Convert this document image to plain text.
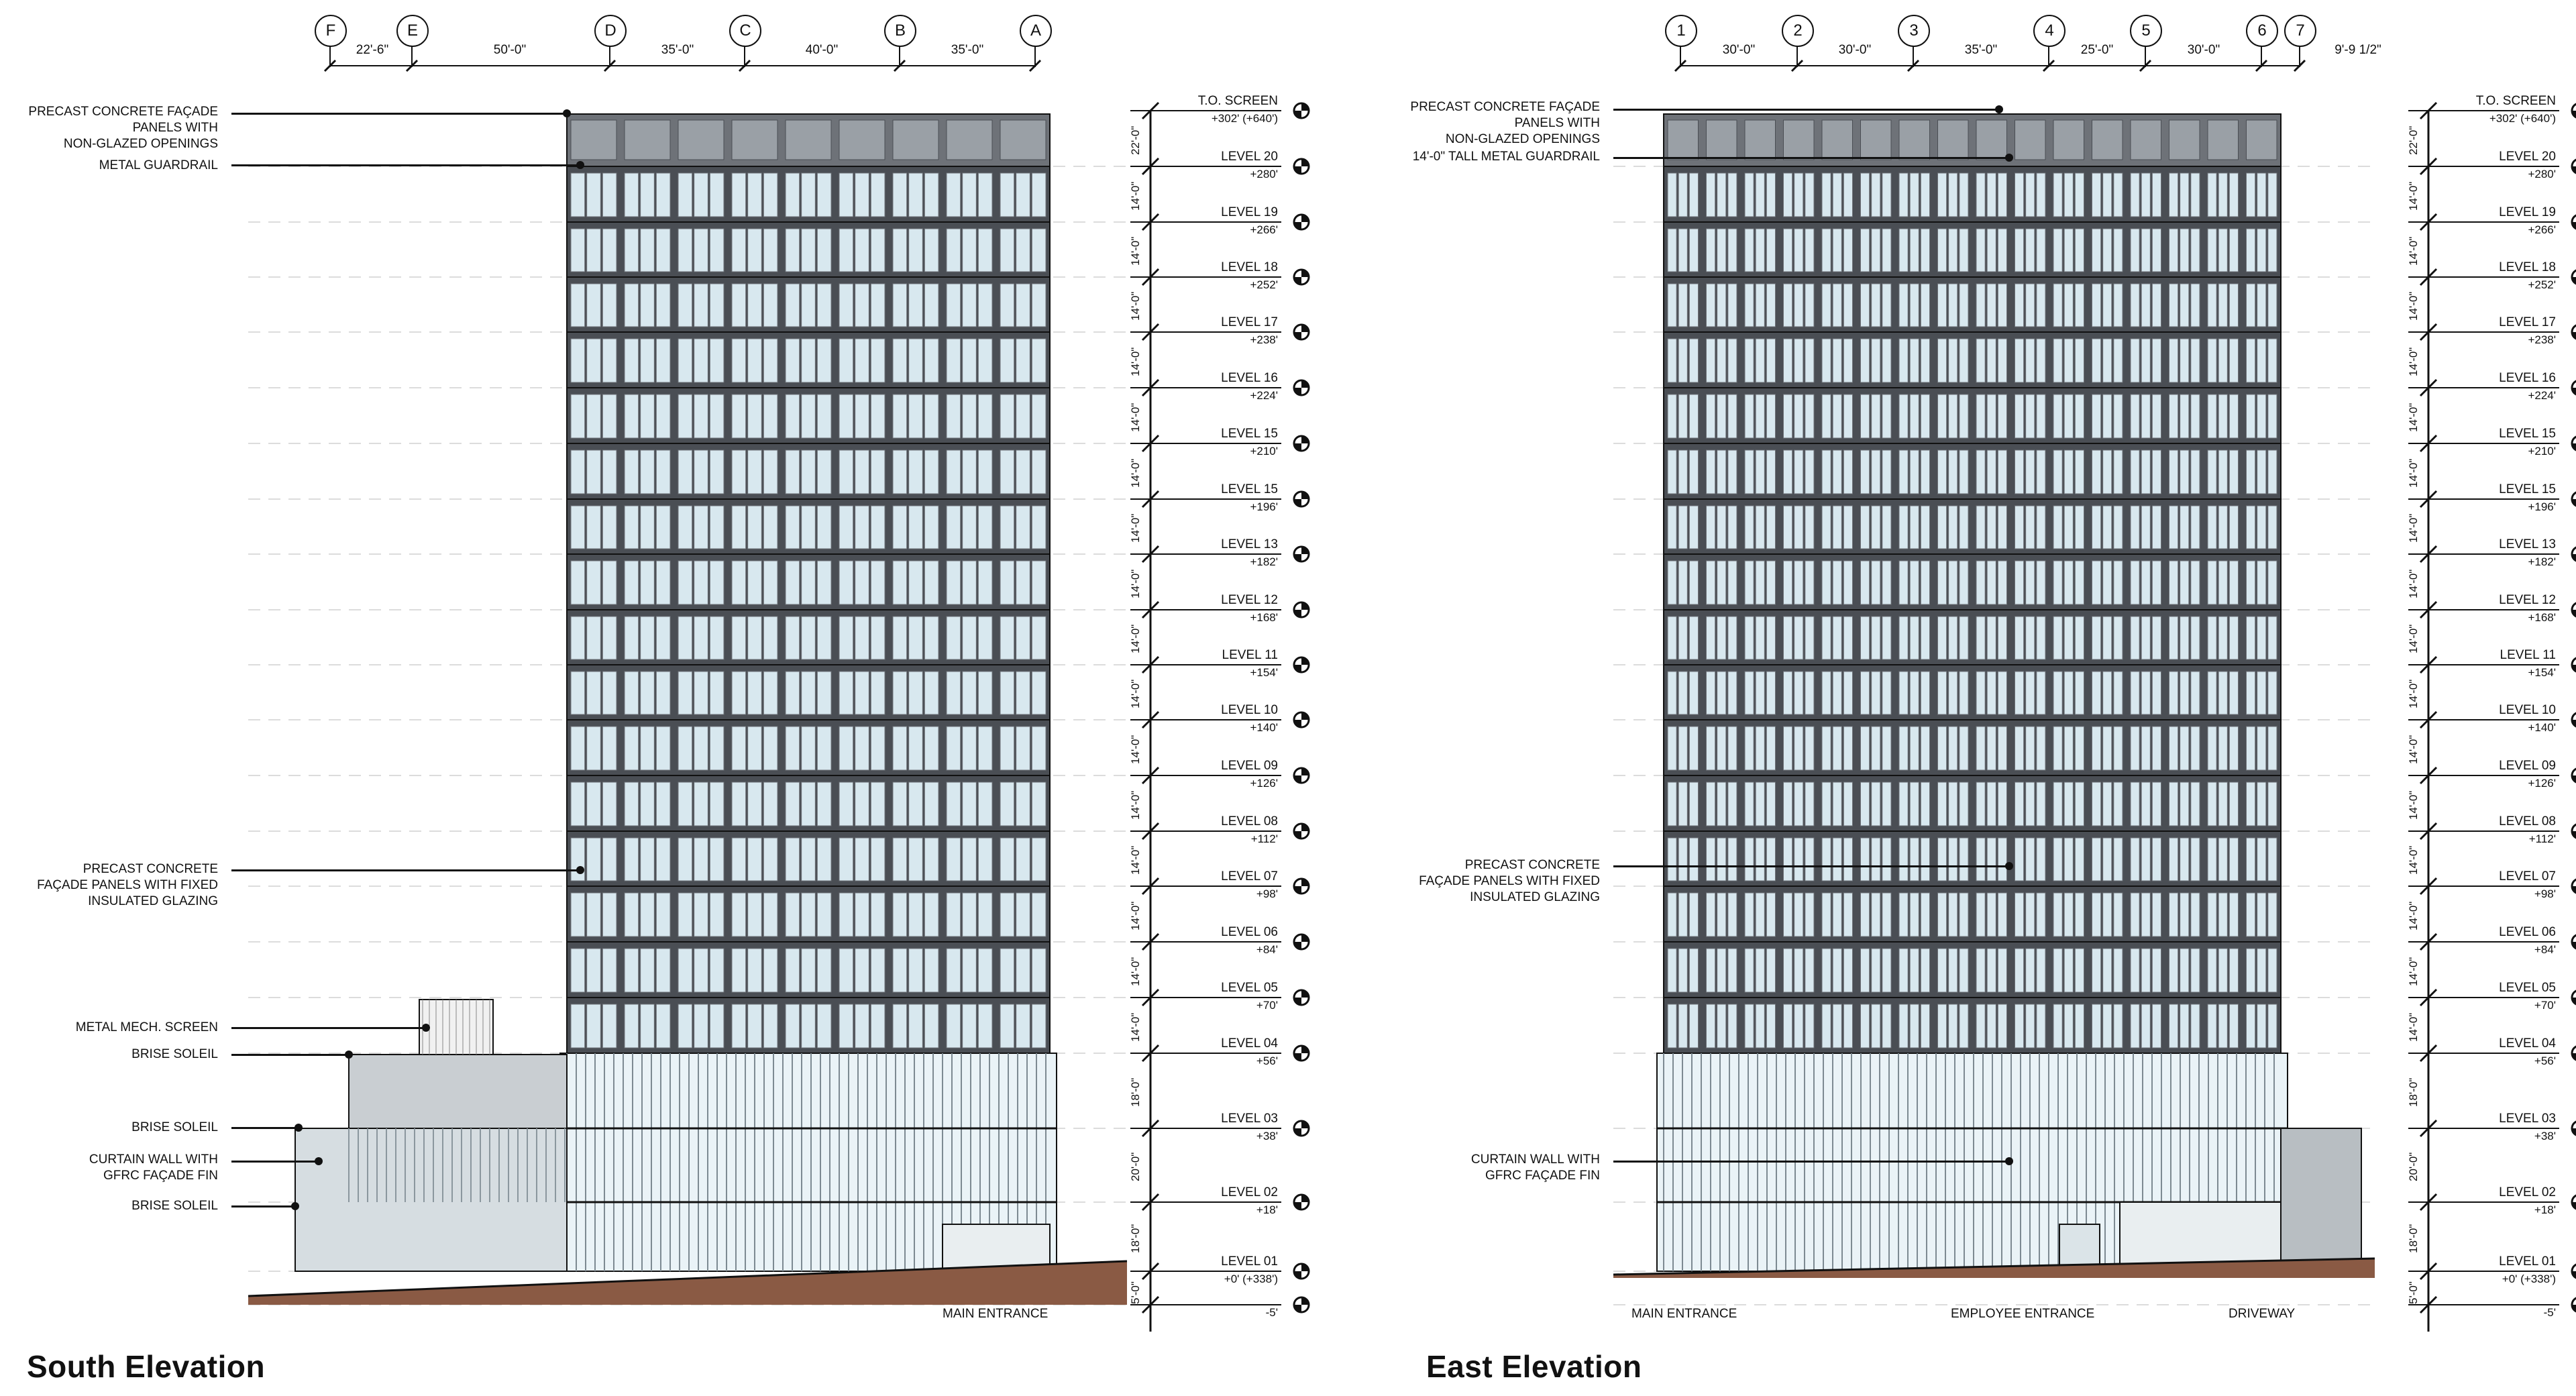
F	E	D	C	B	A
22'-6"	50'-0"	35'-0"	40'-0"	35'-0"
PRECAST CONCRETE FAÇADE
PANELS WITH
NON-GLAZED OPENINGS
METAL GUARDRAIL
PRECAST CONCRETE
FAÇADE PANELS WITH FIXED
INSULATED GLAZING
METAL MECH. SCREEN
BRISE SOLEIL
BRISE SOLEIL
CURTAIN WALL WITH
GFRC FAÇADE FIN
BRISE SOLEIL
MAIN ENTRANCE
South Elevation
T.O. SCREEN
+302' (+640')
LEVEL 20
+280'
LEVEL 19
+266'
LEVEL 18
+252'
LEVEL 17
+238'
LEVEL 16
+224'
LEVEL 15
+210'
LEVEL 15
+196'
LEVEL 13
+182'
LEVEL 12
+168'
LEVEL 11
+154'
LEVEL 10
+140'
LEVEL 09
+126'
LEVEL 08
+112'
LEVEL 07
+98'
LEVEL 06
+84'
LEVEL 05
+70'
LEVEL 04
+56'
LEVEL 03
+38'
LEVEL 02
+18'
LEVEL 01
+0' (+338')
-5'
22'-0"
14'-0"
14'-0"
14'-0"
14'-0"
14'-0"
14'-0"
14'-0"
14'-0"
14'-0"
14'-0"
14'-0"
14'-0"
14'-0"
14'-0"
14'-0"
14'-0"
18'-0"
20'-0"
18'-0"
5'-0"
1	2	3	4	5	6 7
30'-0"	30'-0"	35'-0"	25'-0"	30'-0"	9'-9 1/2"
PRECAST CONCRETE FAÇADE
PANELS WITH
NON-GLAZED OPENINGS
14'-0" TALL METAL GUARDRAIL
PRECAST CONCRETE
FAÇADE PANELS WITH FIXED
INSULATED GLAZING
CURTAIN WALL WITH
GFRC FAÇADE FIN
MAIN ENTRANCE	EMPLOYEE ENTRANCE	DRIVEWAY
East Elevation
T.O. SCREEN
+302' (+640')
LEVEL 20
+280'
LEVEL 19
+266'
LEVEL 18
+252'
LEVEL 17
+238'
LEVEL 16
+224'
LEVEL 15
+210'
LEVEL 15
+196'
LEVEL 13
+182'
LEVEL 12
+168'
LEVEL 11
+154'
LEVEL 10
+140'
LEVEL 09
+126'
LEVEL 08
+112'
LEVEL 07
+98'
LEVEL 06
+84'
LEVEL 05
+70'
LEVEL 04
+56'
LEVEL 03
+38'
LEVEL 02
+18'
LEVEL 01
+0' (+338')
-5'
22'-0"
14'-0"
14'-0"
14'-0"
14'-0"
14'-0"
14'-0"
14'-0"
14'-0"
14'-0"
14'-0"
14'-0"
14'-0"
14'-0"
14'-0"
14'-0"
14'-0"
18'-0"
20'-0"
18'-0"
5'-0"
